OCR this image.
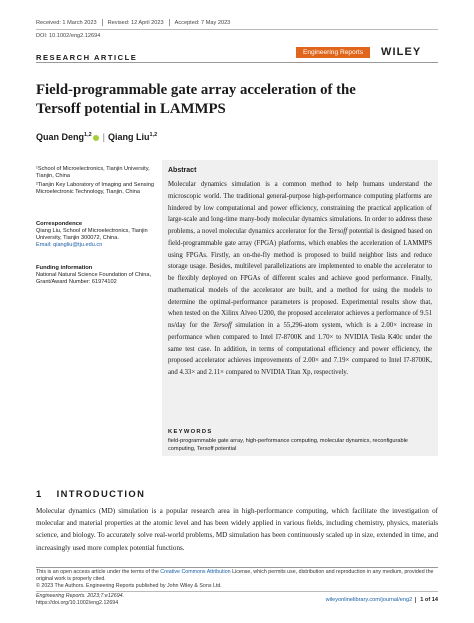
Received: 1 March 2023 Revised: 12 April 2023 Accepted: 7 May 2023
DOI: 10.1002/eng2.12694
RESEARCH ARTICLE
Engineering Reports	WILEY
Field-programmable gate array acceleration of the Tersoff potential in LAMMPS
Quan Deng$^{1,2}$ | Qiang Liu$^{1,2}$
¹School of Microelectronics, Tianjin University, Tianjin, China
²Tianjin Key Laboratory of Imaging and Sensing Microelectronic Technology, Tianjin, China
Correspondence
Qiang Liu, School of Microelectronics, Tianjin University, Tianjin 300072, China.
Email: qiangliu@tju.edu.cn
Funding information
National Natural Science Foundation of China, Grant/Award Number: 61974102
Abstract
Molecular dynamics simulation is a common method to help humans understand the microscopic world. The traditional general-purpose high-performance computing platforms are hindered by low computational and power efficiency, constraining the practical application of large-scale and long-time many-body molecular dynamics simulations. In order to address these problems, a novel molecular dynamics accelerator for the Tersoff potential is designed based on field-programmable gate array (FPGA) platforms, which enables the acceleration of LAMMPS using FPGAs. Firstly, an on-the-fly method is proposed to build neighbor lists and reduce storage usage. Besides, multilevel parallelizations are implemented to enable the accelerator to be flexibly deployed on FPGAs of different scales and achieve good performance. Finally, mathematical models of the accelerator are built, and a method for using the models to determine the optimal-performance parameters is proposed. Experimental results show that, when tested on the Xilinx Alveo U200, the proposed accelerator achieves a performance of 9.51 ns/day for the Tersoff simulation in a 55,296-atom system, which is a 2.00× increase in performance when compared to Intel I7-8700K and 1.70× to NVIDIA Tesla K40c under the same test case. In addition, in terms of computational efficiency and power efficiency, the proposed accelerator achieves improvements of 2.00× and 7.19× compared to Intel I7-8700K, and 4.33× and 2.11× compared to NVIDIA Titan Xp, respectively.
KEYWORDS
field-programmable gate array, high-performance computing, molecular dynamics, reconfigurable computing, Tersoff potential
1 INTRODUCTION
Molecular dynamics (MD) simulation is a popular research area in high-performance computing, which facilitate the investigation of molecular and material properties at the atomic level and has been widely applied in various fields, including chemistry, physics, materials science, and biology. To accurately solve real-world problems, MD simulation has been continuously scaled up in size, extended in time, and increasingly used more complex potential functions.
This is an open access article under the terms of the Creative Commons Attribution License, which permits use, distribution and reproduction in any medium, provided the original work is properly cited.
© 2023 The Authors. Engineering Reports published by John Wiley & Sons Ltd.
Engineering Reports. 2023;7:e12694.
https://doi.org/10.1002/eng2.12694	wileyonlinelibrary.com/journal/eng2 1 of 14
